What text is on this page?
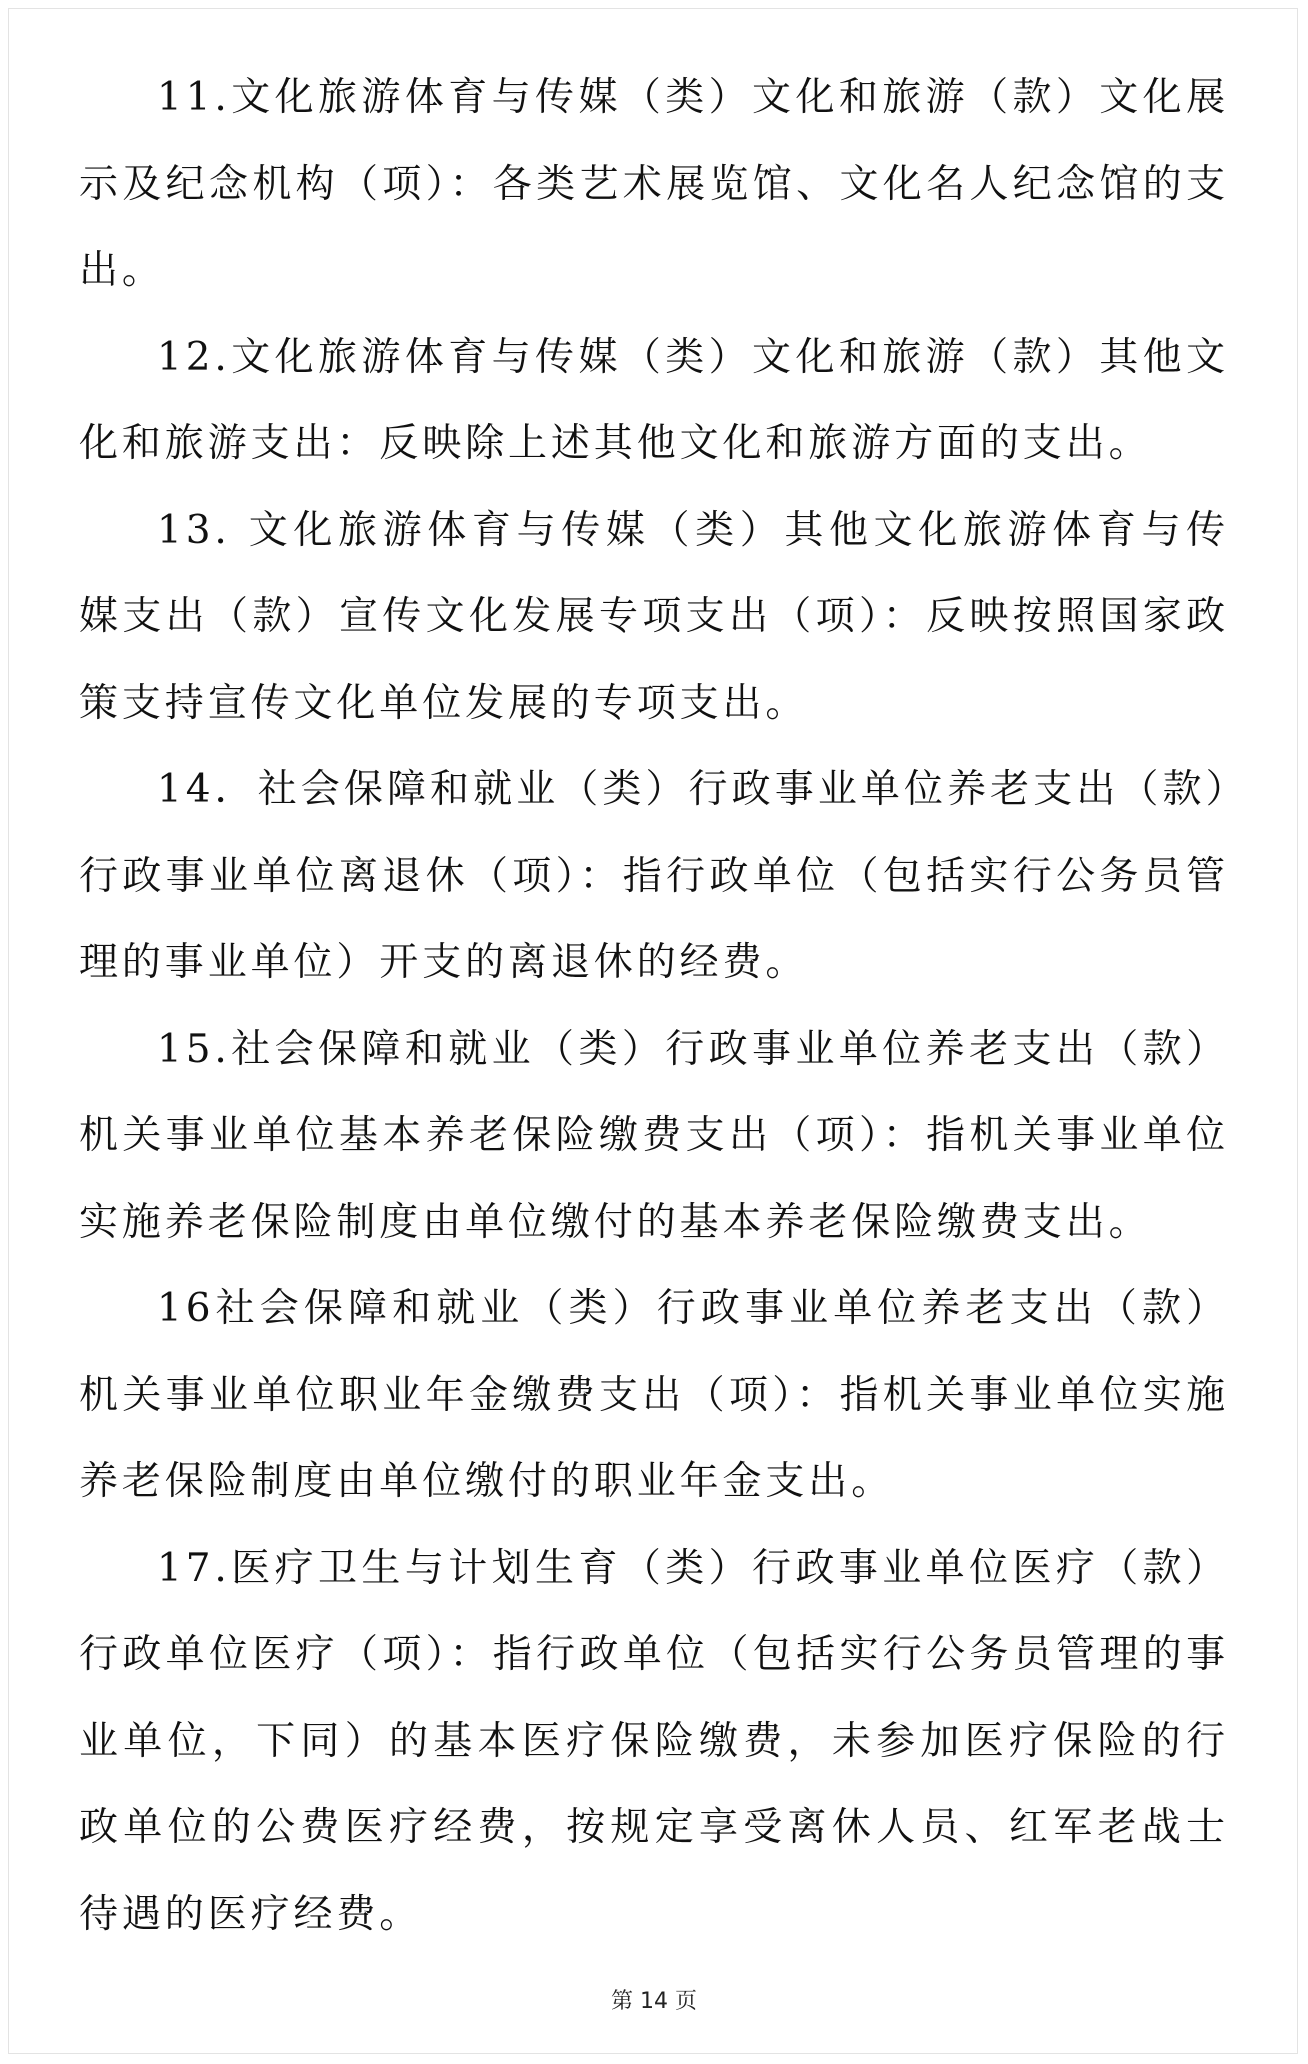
11.文化旅游体育与传媒（类）文化和旅游（款）文化展示及纪念机构（项）：各类艺术展览馆、文化名人纪念馆的支出。

12.文化旅游体育与传媒（类）文化和旅游（款）其他文化和旅游支出：反映除上述其他文化和旅游方面的支出。

13. 文化旅游体育与传媒（类）其他文化旅游体育与传媒支出（款）宣传文化发展专项支出（项）：反映按照国家政策支持宣传文化单位发展的专项支出。

14．社会保障和就业（类）行政事业单位养老支出（款）行政事业单位离退休（项）：指行政单位（包括实行公务员管理的事业单位）开支的离退休的经费。

15.社会保障和就业（类）行政事业单位养老支出（款）机关事业单位基本养老保险缴费支出（项）：指机关事业单位实施养老保险制度由单位缴付的基本养老保险缴费支出。

16社会保障和就业（类）行政事业单位养老支出（款）机关事业单位职业年金缴费支出（项）：指机关事业单位实施养老保险制度由单位缴付的职业年金支出。

17.医疗卫生与计划生育（类）行政事业单位医疗（款）行政单位医疗（项）：指行政单位（包括实行公务员管理的事业单位，下同）的基本医疗保险缴费，未参加医疗保险的行政单位的公费医疗经费，按规定享受离休人员、红军老战士待遇的医疗经费。

第 14 页
